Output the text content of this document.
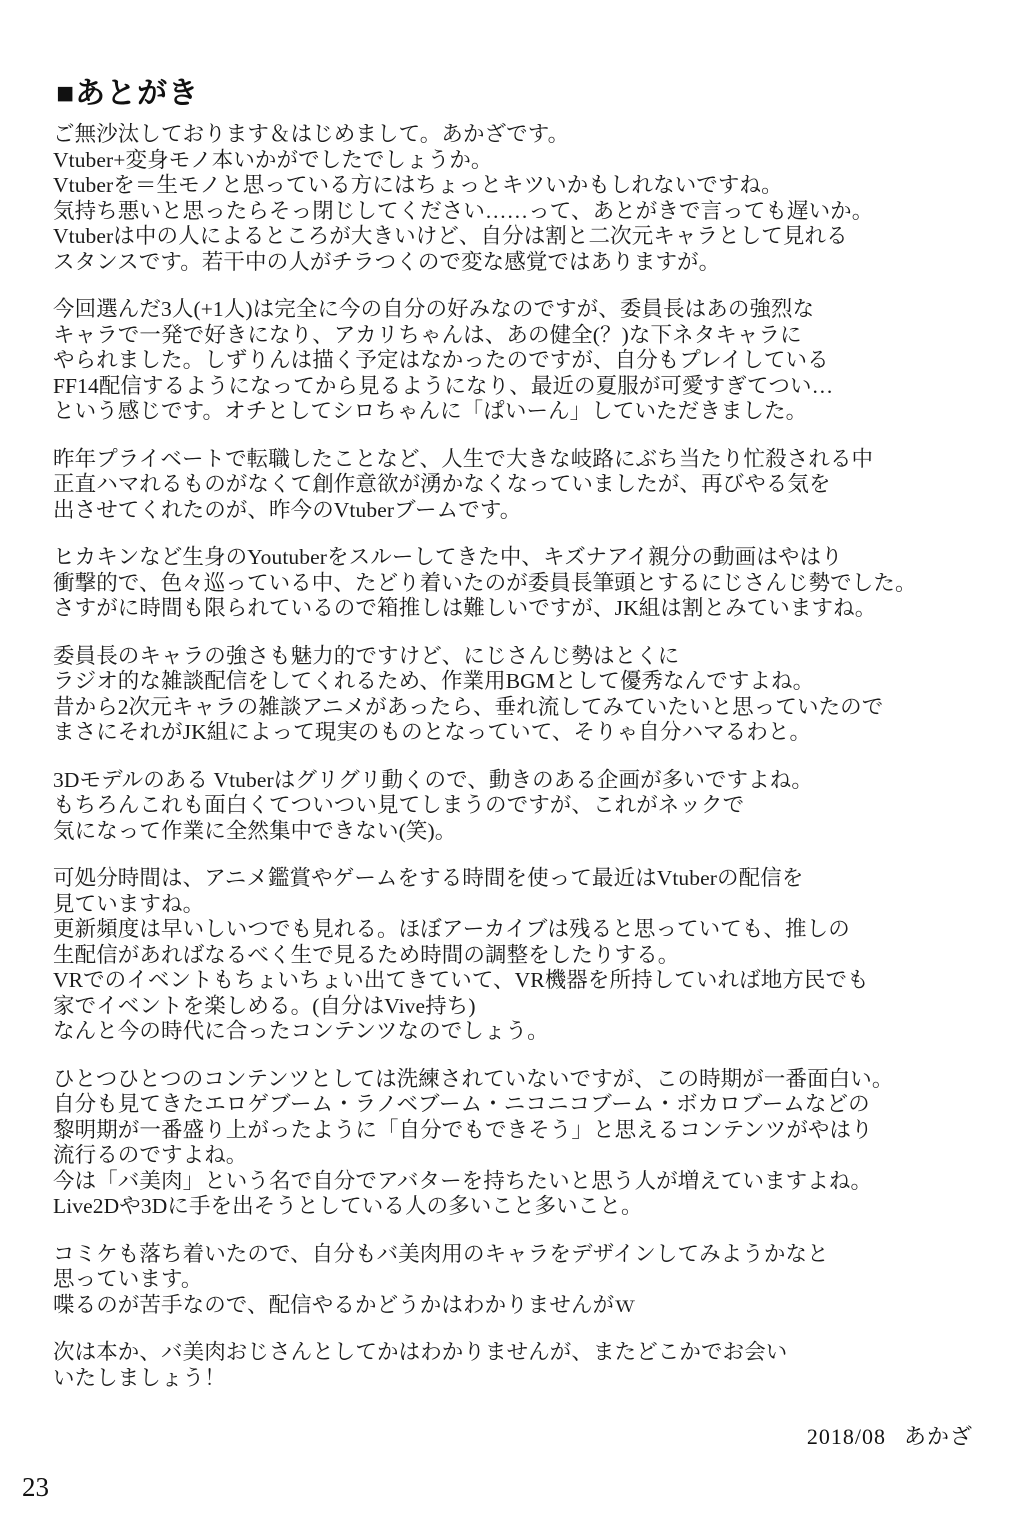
■あとがき

ご無沙汰しております＆はじめまして。あかざです。
Vtuber+変身モノ本いかがでしたでしょうか。
Vtuberを＝生モノと思っている方にはちょっとキツいかもしれないですね。
気持ち悪いと思ったらそっ閉じしてください……って、あとがきで言っても遅いか。
Vtuberは中の人によるところが大きいけど、自分は割と二次元キャラとして見れる
スタンスです。若干中の人がチラつくので変な感覚ではありますが。

今回選んだ3人(+1人)は完全に今の自分の好みなのですが、委員長はあの強烈な
キャラで一発で好きになり、アカリちゃんは、あの健全(？)な下ネタキャラに
やられました。しずりんは描く予定はなかったのですが、自分もプレイしている
FF14配信するようになってから見るようになり、最近の夏服が可愛すぎてつい…
という感じです。オチとしてシロちゃんに「ぱいーん」していただきました。

昨年プライベートで転職したことなど、人生で大きな岐路にぶち当たり忙殺される中
正直ハマれるものがなくて創作意欲が湧かなくなっていましたが、再びやる気を
出させてくれたのが、昨今のVtuberブームです。

ヒカキンなど生身のYoutuberをスルーしてきた中、キズナアイ親分の動画はやはり
衝撃的で、色々巡っている中、たどり着いたのが委員長筆頭とするにじさんじ勢でした。
さすがに時間も限られているので箱推しは難しいですが、JK組は割とみていますね。

委員長のキャラの強さも魅力的ですけど、にじさんじ勢はとくに
ラジオ的な雑談配信をしてくれるため、作業用BGMとして優秀なんですよね。
昔から2次元キャラの雑談アニメがあったら、垂れ流してみていたいと思っていたので
まさにそれがJK組によって現実のものとなっていて、そりゃ自分ハマるわと。

3Dモデルのある Vtuberはグリグリ動くので、動きのある企画が多いですよね。
もちろんこれも面白くてついつい見てしまうのですが、これがネックで
気になって作業に全然集中できない(笑)。

可処分時間は、アニメ鑑賞やゲームをする時間を使って最近はVtuberの配信を
見ていますね。
更新頻度は早いしいつでも見れる。ほぼアーカイブは残ると思っていても、推しの
生配信があればなるべく生で見るため時間の調整をしたりする。
VRでのイベントもちょいちょい出てきていて、VR機器を所持していれば地方民でも
家でイベントを楽しめる。(自分はVive持ち)
なんと今の時代に合ったコンテンツなのでしょう。

ひとつひとつのコンテンツとしては洗練されていないですが、この時期が一番面白い。
自分も見てきたエロゲブーム・ラノベブーム・ニコニコブーム・ボカロブームなどの
黎明期が一番盛り上がったように「自分でもできそう」と思えるコンテンツがやはり
流行るのですよね。
今は「バ美肉」という名で自分でアバターを持ちたいと思う人が増えていますよね。
Live2Dや3Dに手を出そうとしている人の多いこと多いこと。

コミケも落ち着いたので、自分もバ美肉用のキャラをデザインしてみようかなと
思っています。
喋るのが苦手なので、配信やるかどうかはわかりませんがｗ

次は本か、バ美肉おじさんとしてかはわかりませんが、またどこかでお会い
いたしましょう！

2018/08 あかざ
23
